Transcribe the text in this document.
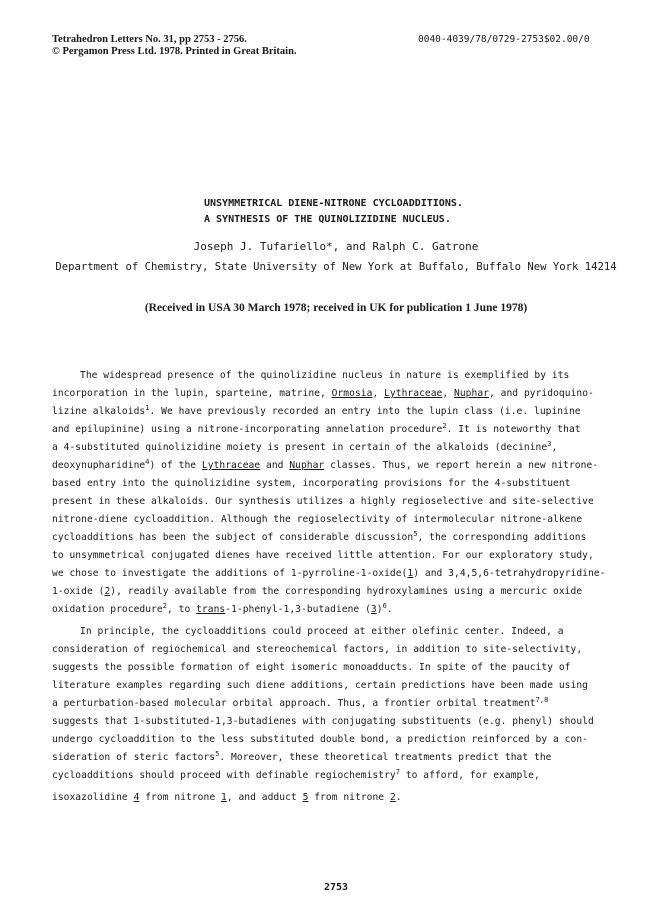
Tetrahedron Letters No. 31, pp 2753 - 2756.
© Pergamon Press Ltd. 1978. Printed in Great Britain.
0040-4039/78/0729-2753$02.00/0
UNSYMMETRICAL DIENE-NITRONE CYCLOADDITIONS.
A SYNTHESIS OF THE QUINOLIZIDINE NUCLEUS.
Joseph J. Tufariello*, and Ralph C. Gatrone
Department of Chemistry, State University of New York at Buffalo, Buffalo New York 14214
(Received in USA 30 March 1978; received in UK for publication 1 June 1978)
The widespread presence of the quinolizidine nucleus in nature is exemplified by its
incorporation in the lupin, sparteine, matrine, Ormosia, Lythraceae, Nuphar, and pyridoquino-
lizine alkaloids$^1$. We have previously recorded an entry into the lupin class (i.e. lupinine
and epilupinine) using a nitrone-incorporating annelation procedure$^2$. It is noteworthy that
a 4-substituted quinolizidine moiety is present in certain of the alkaloids (decinine$^3$,
deoxynupharidine$^4$) of the Lythraceae and Nuphar classes. Thus, we report herein a new nitrone-
based entry into the quinolizidine system, incorporating provisions for the 4-substituent
present in these alkaloids. Our synthesis utilizes a highly regioselective and site-selective
nitrone-diene cycloaddition. Although the regioselectivity of intermolecular nitrone-alkene
cycloadditions has been the subject of considerable discussion$^5$, the corresponding additions
to unsymmetrical conjugated dienes have received little attention. For our exploratory study,
we chose to investigate the additions of 1-pyrroline-1-oxide(1) and 3,4,5,6-tetrahydropyridine-
1-oxide (2), readily available from the corresponding hydroxylamines using a mercuric oxide
oxidation procedure$^2$, to trans-1-phenyl-1,3-butadiene $(3)^6$.
In principle, the cycloadditions could proceed at either olefinic center. Indeed, a
consideration of regiochemical and stereochemical factors, in addition to site-selectivity,
suggests the possible formation of eight isomeric monoadducts. In spite of the paucity of
literature examples regarding such diene additions, certain predictions have been made using
a perturbation-based molecular orbital approach. Thus, a frontier orbital treatment$^{7,8}$
suggests that 1-substituted-1,3-butadienes with conjugating substituents (e.g. phenyl) should
undergo cycloaddition to the less substituted double bond, a prediction reinforced by a con-
sideration of steric factors$^5$. Moreover, these theoretical treatments predict that the
cycloadditions should proceed with definable regiochemistry$^7$ to afford, for example,
isoxazolidine 4 from nitrone 1, and adduct 5 from nitrone 2.
2753
